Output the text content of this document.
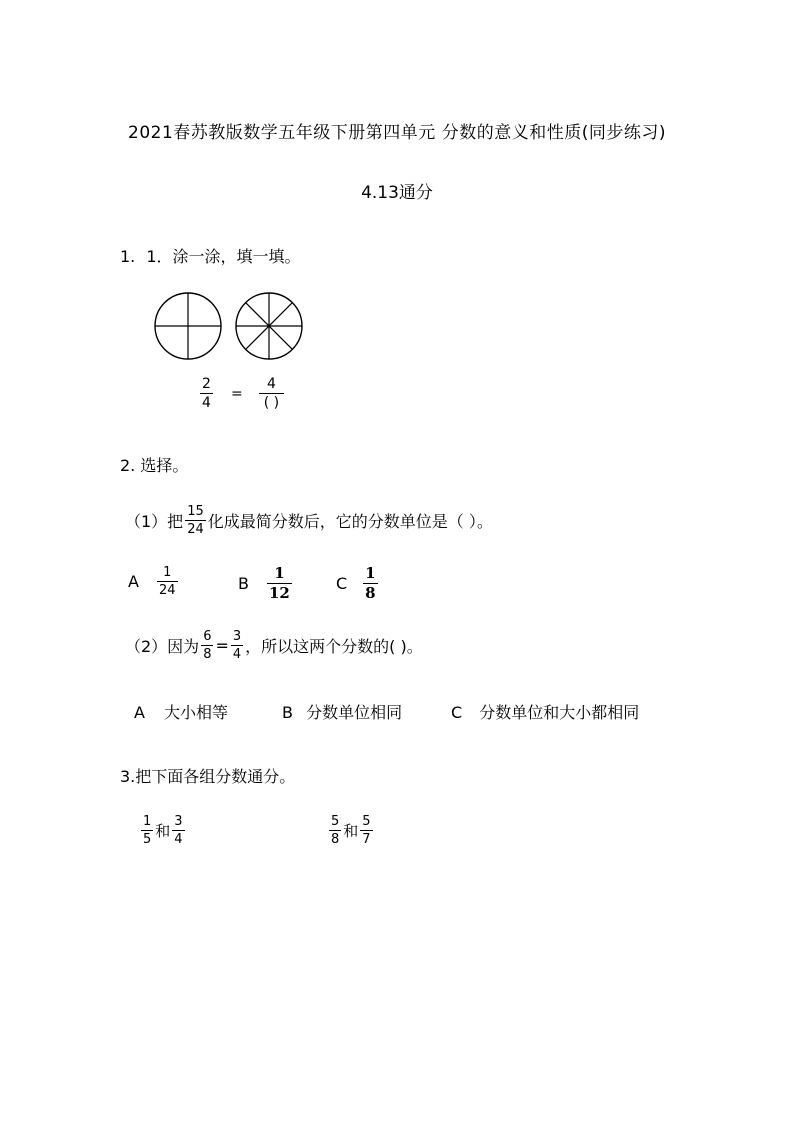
2021春苏教版数学五年级下册第四单元 分数的意义和性质(同步练习)
4.13通分
1. 1．涂一涂，填一填。
$\frac{2}{4} = \frac{4}{( )}$
2. 选择。
（1）把 $\frac{15}{24}$ 化成最简分数后，它的分数单位是（ ）。
A $\frac{1}{24}$	B $\frac{1}{12}$	C $\frac{1}{8}$
（2）因为 $\frac{6}{8} = \frac{3}{4}$ ，所以这两个分数的( )。
A 大小相等	B 分数单位相同	C 分数单位和大小都相同
3.把下面各组分数通分。
$\frac{1}{5}$ 和 $\frac{3}{4}$	$\frac{5}{8}$ 和 $\frac{5}{7}$
